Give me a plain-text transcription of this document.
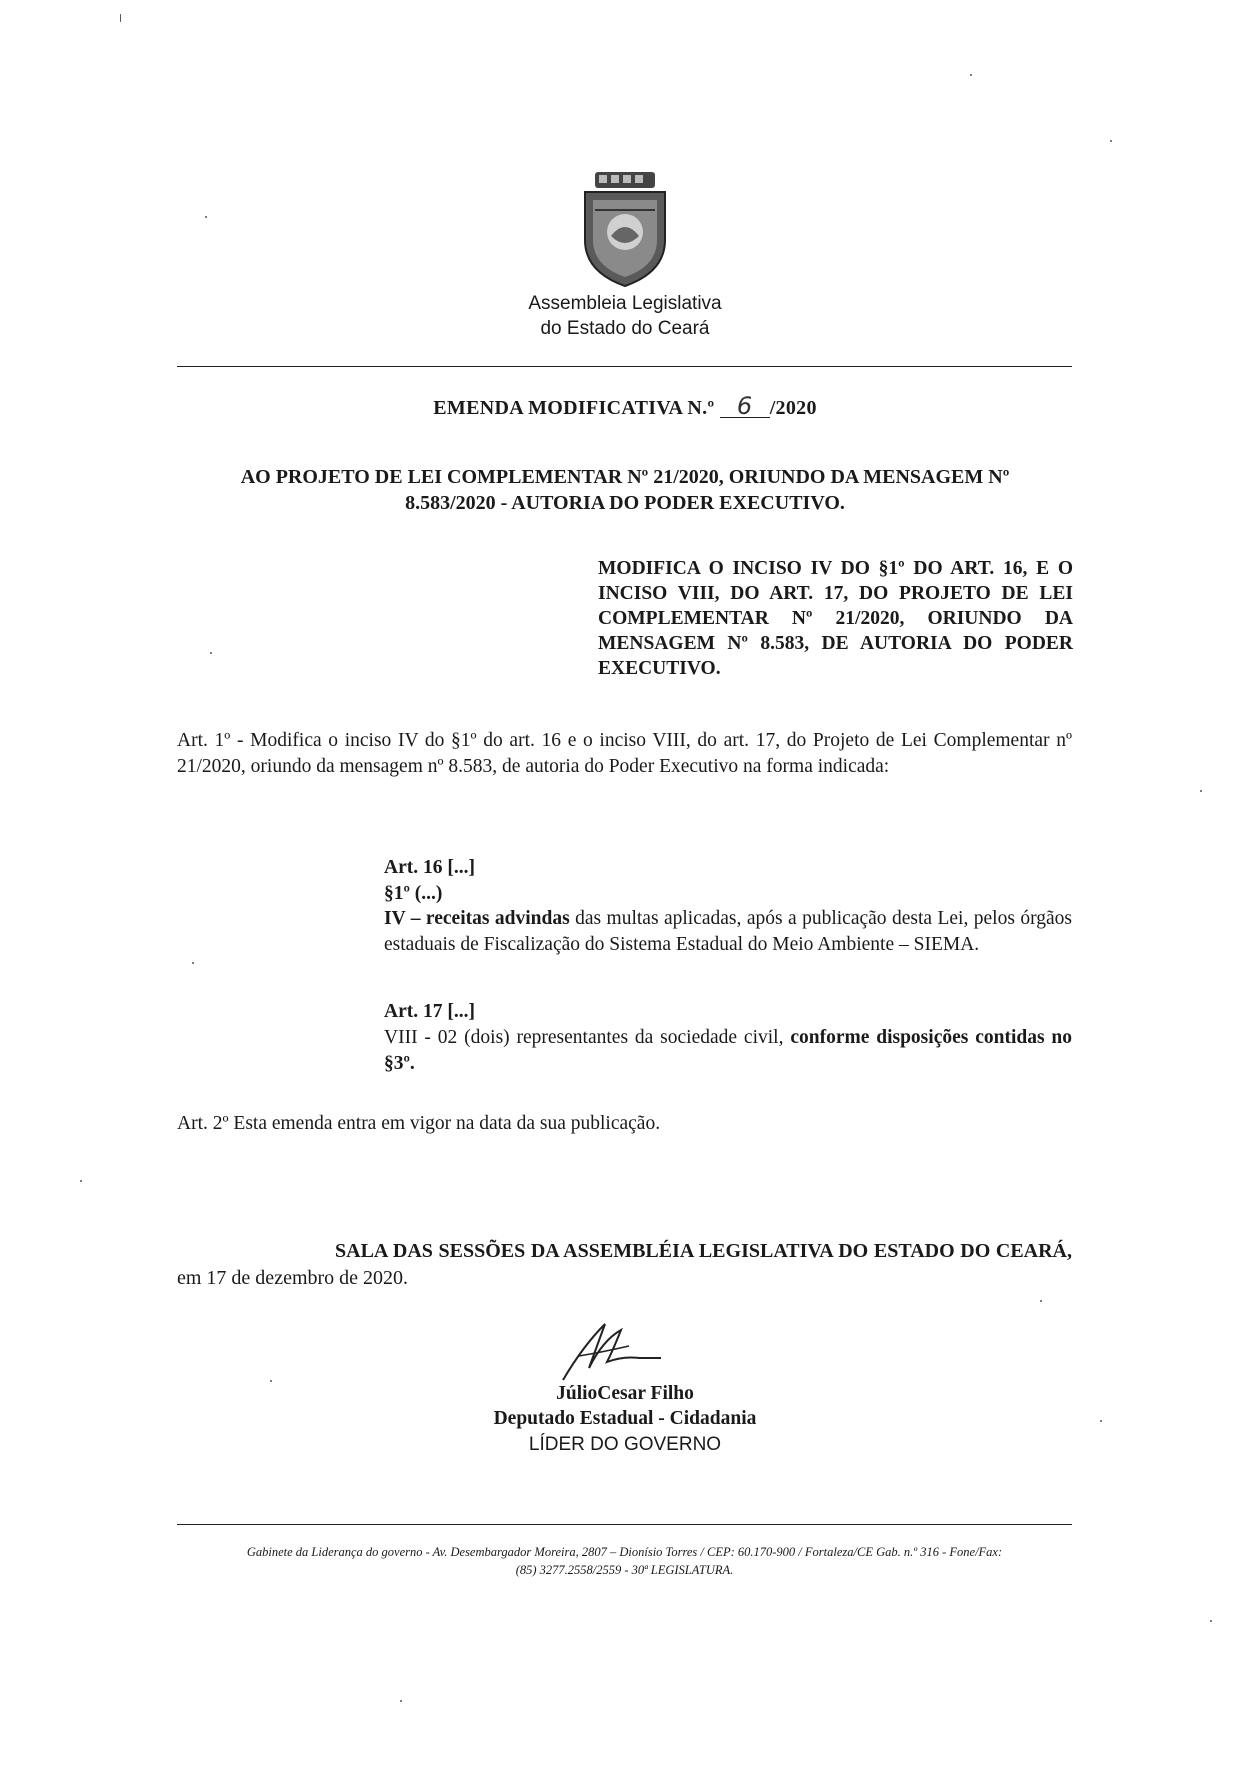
Assembleia Legislativa
do Estado do Ceará
EMENDA MODIFICATIVA N.º 6 /2020
AO PROJETO DE LEI COMPLEMENTAR Nº 21/2020, ORIUNDO DA MENSAGEM Nº
8.583/2020 - AUTORIA DO PODER EXECUTIVO.
MODIFICA O INCISO IV DO §1º DO ART. 16, E O INCISO VIII, DO ART. 17, DO PROJETO DE LEI COMPLEMENTAR Nº 21/2020, ORIUNDO DA MENSAGEM Nº 8.583, DE AUTORIA DO PODER EXECUTIVO.
Art. 1º - Modifica o inciso IV do §1º do art. 16 e o inciso VIII, do art. 17, do Projeto de Lei Complementar nº 21/2020, oriundo da mensagem nº 8.583, de autoria do Poder Executivo na forma indicada:
Art. 16 [...]
§1º (...)
IV – receitas advindas das multas aplicadas, após a publicação desta Lei, pelos órgãos estaduais de Fiscalização do Sistema Estadual do Meio Ambiente – SIEMA.
Art. 17 [...]
VIII - 02 (dois) representantes da sociedade civil, conforme disposições contidas no §3º.
Art. 2º Esta emenda entra em vigor na data da sua publicação.
SALA DAS SESSÕES DA ASSEMBLÉIA LEGISLATIVA DO ESTADO DO CEARÁ, em 17 de dezembro de 2020.
JúlioCesar Filho
Deputado Estadual - Cidadania
LÍDER DO GOVERNO
Gabinete da Liderança do governo - Av. Desembargador Moreira, 2807 – Dionísio Torres / CEP: 60.170-900 / Fortaleza/CE Gab. n.º 316 - Fone/Fax:
(85) 3277.2558/2559 - 30ª LEGISLATURA.
